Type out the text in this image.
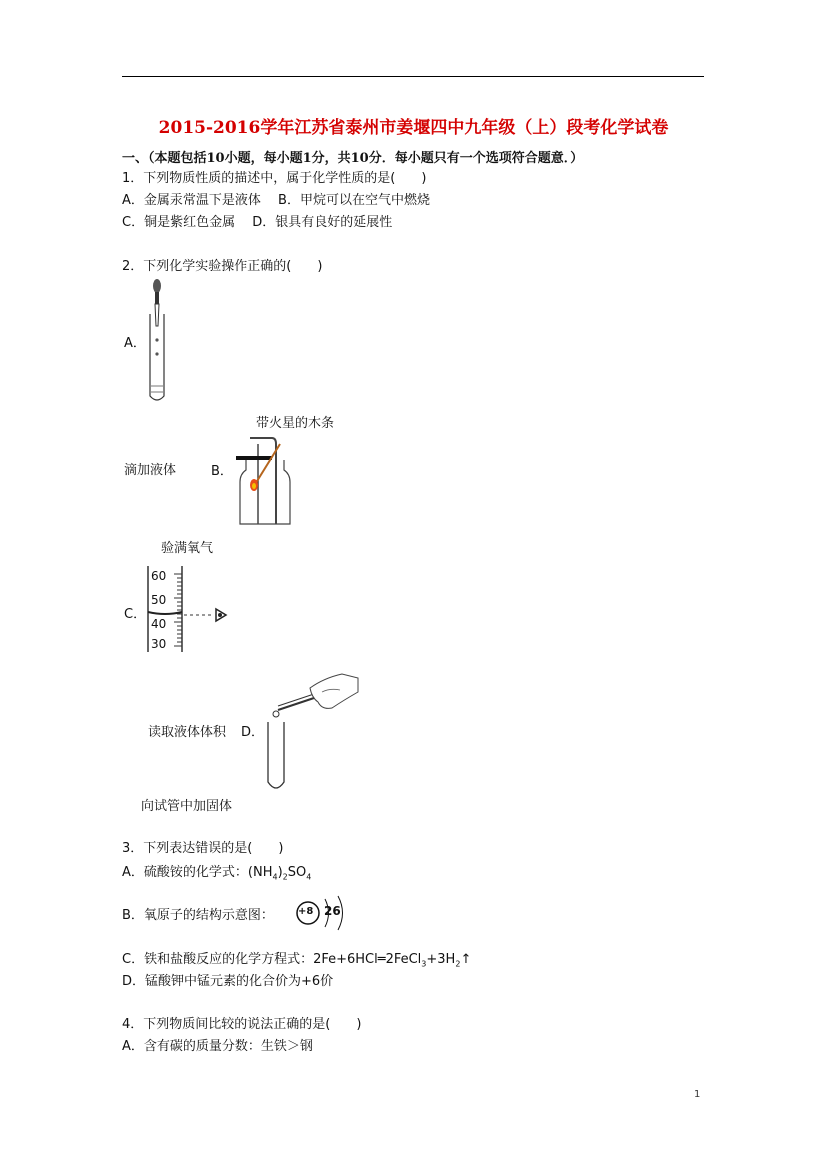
2015-2016学年江苏省泰州市姜堰四中九年级（上）段考化学试卷
一、（本题包括10小题，每小题1分，共10分．每小题只有一个选项符合题意．）
1．下列物质性质的描述中，属于化学性质的是(　　)
A．金属汞常温下是液体　 B．甲烷可以在空气中燃烧
C．铜是紫红色金属　 D．银具有良好的延展性
2．下列化学实验操作正确的(　　)
A．
滴加液体
带火星的木条
B．
验满氧气
C．
60
50
40
30
读取液体体积 D．
向试管中加固体
3．下列表达错误的是(　　)
A．硫酸铵的化学式：$(NH_4)_2SO_4$
B．氧原子的结构示意图： +8 26
C．铁和盐酸反应的化学方程式：$2Fe+6HCl═2FeCl_3+3H_2↑$
D．锰酸钾中锰元素的化合价为+6价
4．下列物质间比较的说法正确的是(　　)
A．含有碳的质量分数：生铁＞钢
1
